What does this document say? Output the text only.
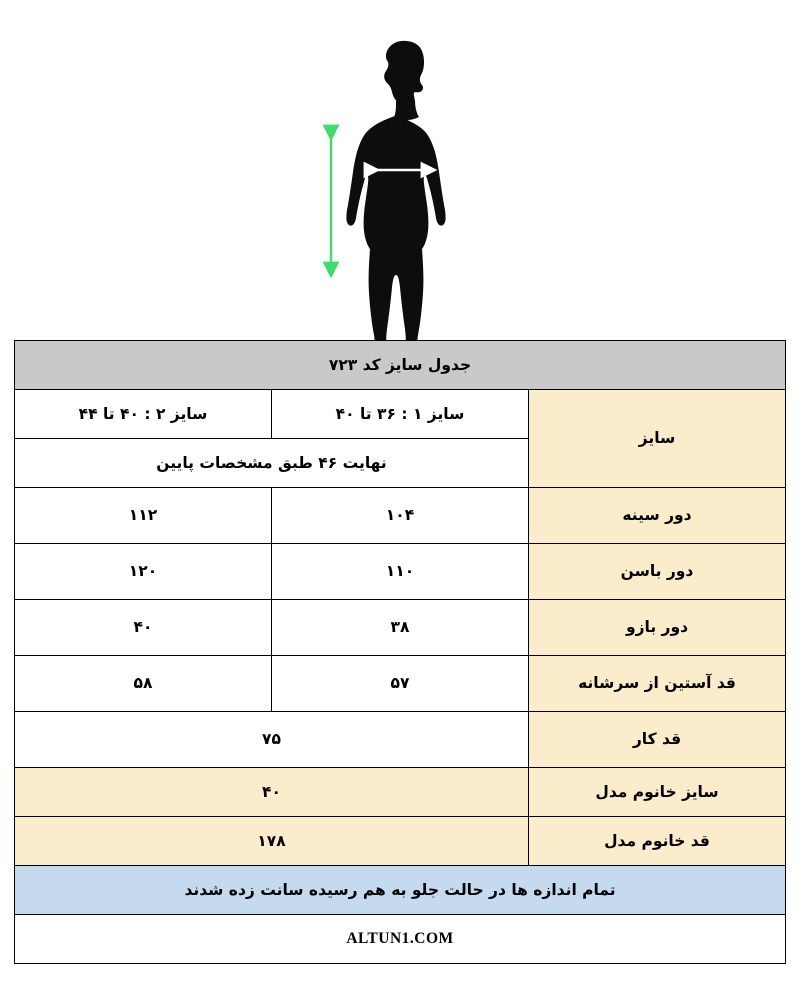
جدول سایز کد ۷۲۳		
سایز	سایز ۱ : ۳۶ تا ۴۰	سایز ۲ : ۴۰ تا ۴۴
	نهایت ۴۶ طبق مشخصات پایین	
دور سینه	۱۰۴	۱۱۲
دور باسن	۱۱۰	۱۲۰
دور بازو	۳۸	۴۰
قد آستین از سرشانه	۵۷	۵۸
قد کار	۷۵	
سایز خانوم مدل	۴۰	
قد خانوم مدل	۱۷۸	
تمام اندازه ها در حالت جلو به هم رسیده سانت زده شدند		
ALTUN1.COM		
